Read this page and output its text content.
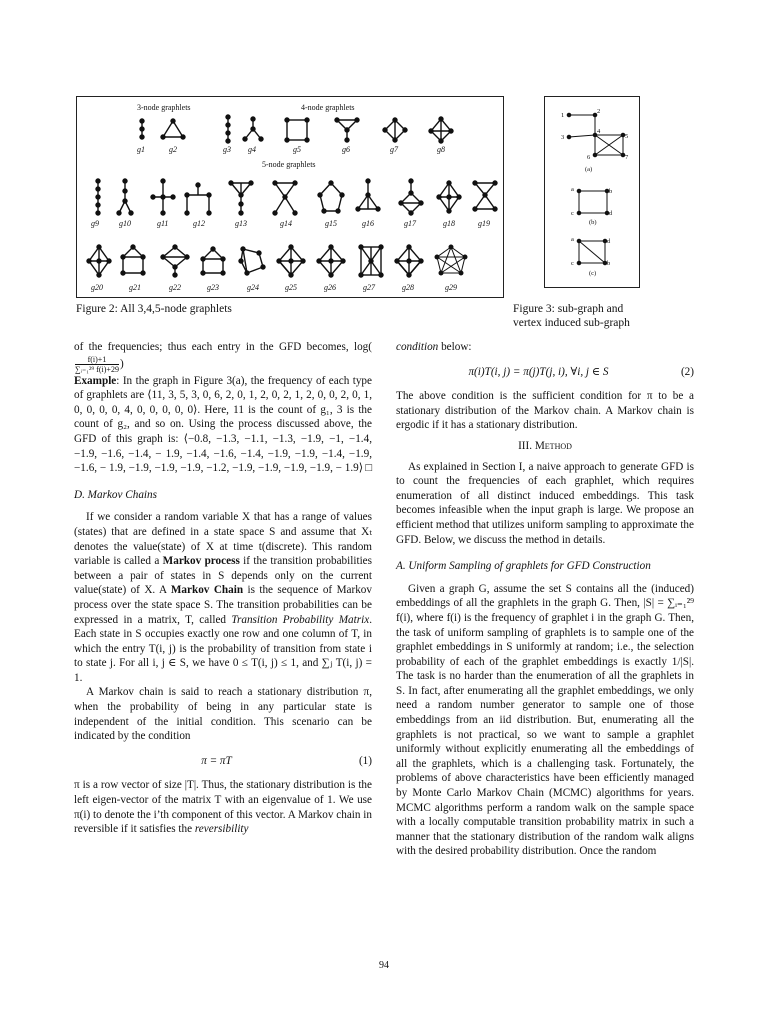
3-node graphlets	4-node graphlets
5-node graphlets
g1	g2	g3 g4	g5	g6	g7	g8
g9	g10	g11	g12	g13	g14	g15	g16	g17	g18	g19
g20	g21	g22	g23	g24	g25	g26	g27	g28	g29
1
2
3
4
5
6	7
(a)
a	b
c	d
(b)
a	d
c	b
(c)
Figure 2: All 3,4,5-node graphlets	Figure 3: sub-graph and
vertex induced sub-graph

of the frequencies; thus each entry in the GFD becomes, log(
$\frac{f(i)+1}{\text{∑ᵢ₌₁²⁹ f(i)+29}}$ )

Example: In the graph in Figure 3(a), the frequency of each type of graphlets are ⟨11, 3, 5, 3, 0, 6, 2, 0, 1, 2, 0, 2, 1, 2, 0, 0, 2, 0, 1, 0, 0, 0, 0, 4, 0, 0, 0, 0, 0⟩. Here, 11 is the count of g₁, 3 is the count of g₂, and so on. Using the process discussed above, the GFD of this graph is: ⟨−0.8, −1.3, −1.1, −1.3, −1.9, −1, −1.4, −1.9, −1.6, −1.4, − 1.9, −1.4, −1.6, −1.4, −1.9, −1.9, −1.4, −1.9, −1.6, − 1.9, −1.9, −1.9, −1.9, −1.2, −1.9, −1.9, −1.9, −1.9, − 1.9⟩ □

D. Markov Chains

If we consider a random variable X that has a range of values (states) that are defined in a state space S and assume that Xₜ denotes the value(state) of X at time t(discrete). This random variable is called a Markov process if the transition probabilities between a pair of states in S depends only on the current value(state) of X. A Markov Chain is the sequence of Markov process over the state space S. The transition probabilities can be expressed in a matrix, T, called Transition Probability Matrix. Each state in S occupies exactly one row and one column of T, in which the entry T(i, j) is the probability of transition from state i to state j. For all i, j ∈ S, we have 0 ≤ T(i, j) ≤ 1, and ∑ⱼ T(i, j) = 1.

A Markov chain is said to reach a stationary distribution π, when the probability of being in any particular state is independent of the initial condition. This scenario can be indicated by the condition

π = πT	(1)

π is a row vector of size |T|. Thus, the stationary distribution is the left eigen-vector of the matrix T with an eigenvalue of 1. We use π(i) to denote the i’th component of this vector. A Markov chain in reversible if it satisfies the reversibility

condition below:

π(i)T(i, j) = π(j)T(j, i), ∀i, j ∈ S	(2)

The above condition is the sufficient condition for π to be a stationary distribution of the Markov chain. A Markov chain is ergodic if it has a stationary distribution.

III. Method

As explained in Section I, a naive approach to generate GFD is to count the frequencies of each graphlet, which requires enumeration of all distinct induced embeddings. This task becomes infeasible when the input graph is large. We propose an efficient method that utilizes uniform sampling to approximate the GFD. Below, we discuss the method in details.

A. Uniform Sampling of graphlets for GFD Construction

Given a graph G, assume the set S contains all the (induced) embeddings of all the graphlets in the graph G. Then, |S| = ∑ᵢ₌₁²⁹ f(i), where f(i) is the frequency of graphlet i in the graph G. Then, the task of uniform sampling of graphlets is to sample one of the graphlet embeddings in S uniformly at random; i.e., the selection probability of each of the graphlet embeddings is exactly 1/|S|. The task is no harder than the enumeration of all the graphlets in S. In fact, after enumerating all the graphlet embeddings, we only need a random number generator to sample one of those embeddings from an iid distribution. But, enumerating all the graphlets is not practical, so we want to sample a graphlet uniformly without explicitly enumerating all the embeddings of all the graphlets, which is a challenging task. Fortunately, the problems of above characteristics have been efficiently managed by Monte Carlo Markov Chain (MCMC) algorithms for years. MCMC algorithms perform a random walk on the sample space with a locally computable transition probability matrix in such a manner that the stationary distribution of the random walk aligns with the desired probability distribution. Once the random

94
